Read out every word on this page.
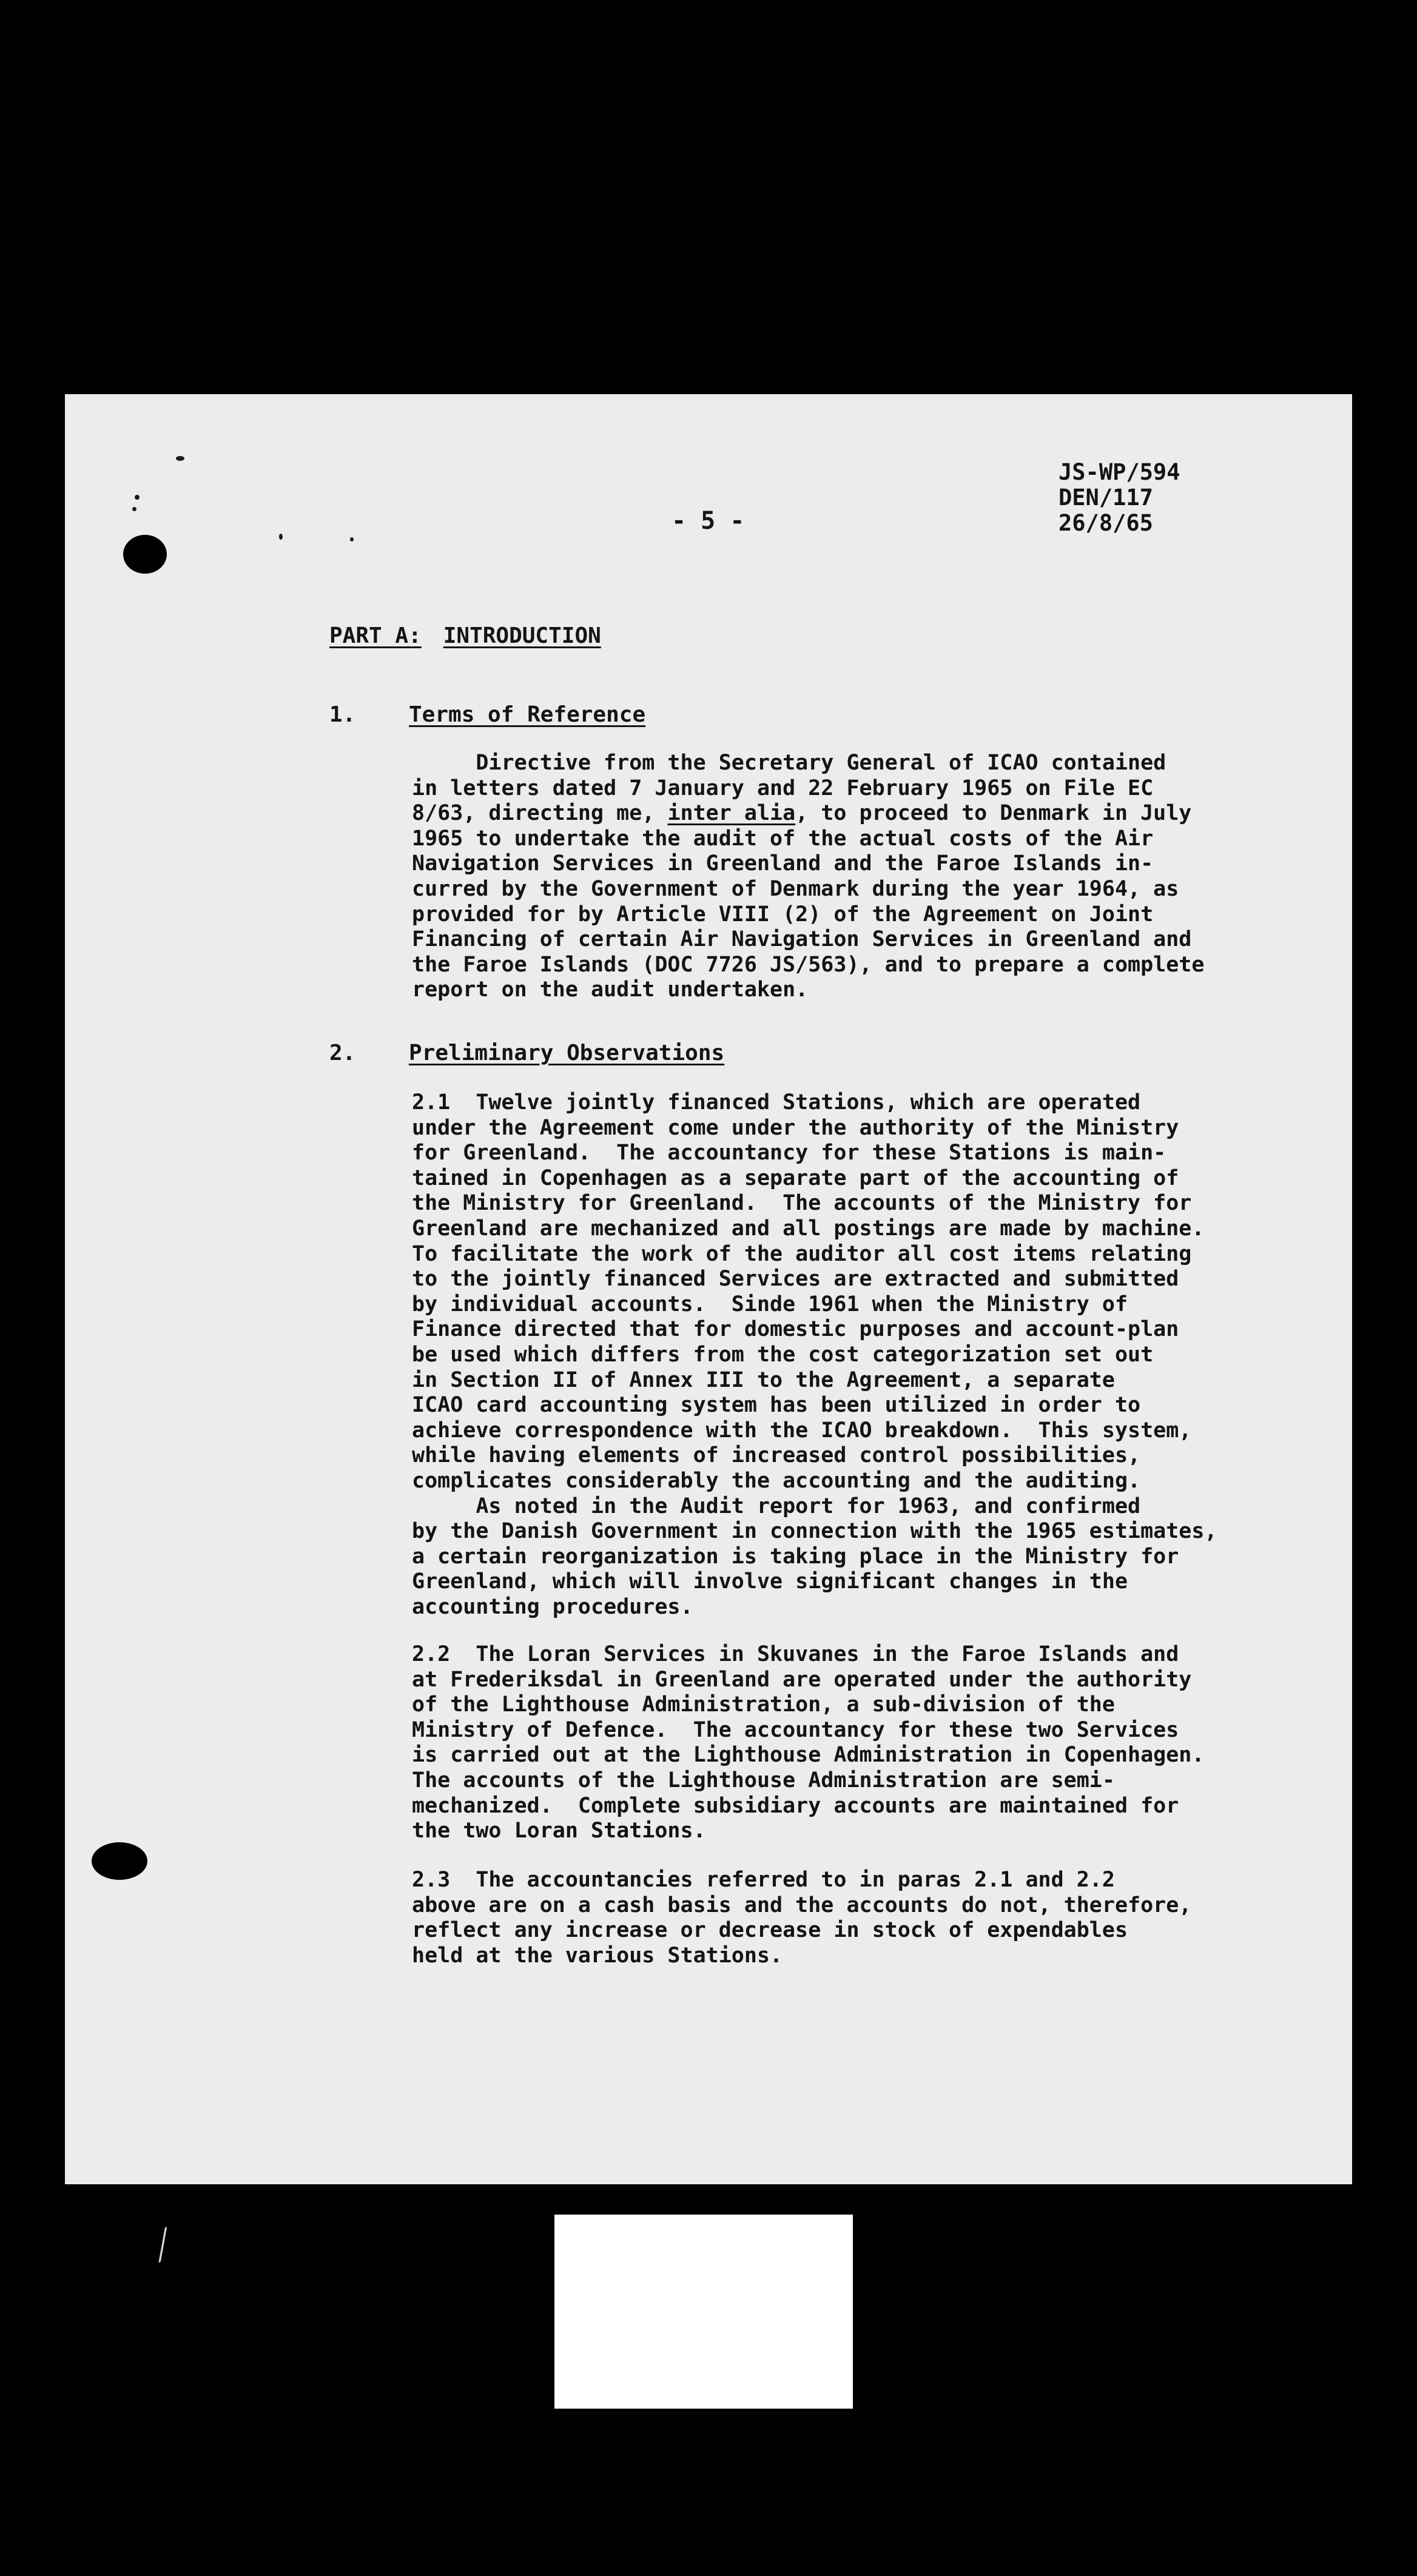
JS-WP/594
DEN/117
26/8/65
- 5 -
PART A: INTRODUCTION
1. Terms of Reference
Directive from the Secretary General of ICAO contained
in letters dated 7 January and 22 February 1965 on File EC
8/63, directing me, inter alia, to proceed to Denmark in July
1965 to undertake the audit of the actual costs of the Air
Navigation Services in Greenland and the Faroe Islands in-
curred by the Government of Denmark during the year 1964, as
provided for by Article VIII (2) of the Agreement on Joint
Financing of certain Air Navigation Services in Greenland and
the Faroe Islands (DOC 7726 JS/563), and to prepare a complete
report on the audit undertaken.
2. Preliminary Observations
2.1  Twelve jointly financed Stations, which are operated
under the Agreement come under the authority of the Ministry
for Greenland.  The accountancy for these Stations is main-
tained in Copenhagen as a separate part of the accounting of
the Ministry for Greenland.  The accounts of the Ministry for
Greenland are mechanized and all postings are made by machine.
To facilitate the work of the auditor all cost items relating
to the jointly financed Services are extracted and submitted
by individual accounts.  Sinde 1961 when the Ministry of
Finance directed that for domestic purposes and account-plan
be used which differs from the cost categorization set out
in Section II of Annex III to the Agreement, a separate
ICAO card accounting system has been utilized in order to
achieve correspondence with the ICAO breakdown.  This system,
while having elements of increased control possibilities,
complicates considerably the accounting and the auditing.
As noted in the Audit report for 1963, and confirmed
by the Danish Government in connection with the 1965 estimates,
a certain reorganization is taking place in the Ministry for
Greenland, which will involve significant changes in the
accounting procedures.
2.2  The Loran Services in Skuvanes in the Faroe Islands and
at Frederiksdal in Greenland are operated under the authority
of the Lighthouse Administration, a sub-division of the
Ministry of Defence.  The accountancy for these two Services
is carried out at the Lighthouse Administration in Copenhagen.
The accounts of the Lighthouse Administration are semi-
mechanized.  Complete subsidiary accounts are maintained for
the two Loran Stations.
2.3  The accountancies referred to in paras 2.1 and 2.2
above are on a cash basis and the accounts do not, therefore,
reflect any increase or decrease in stock of expendables
held at the various Stations.
⟋
